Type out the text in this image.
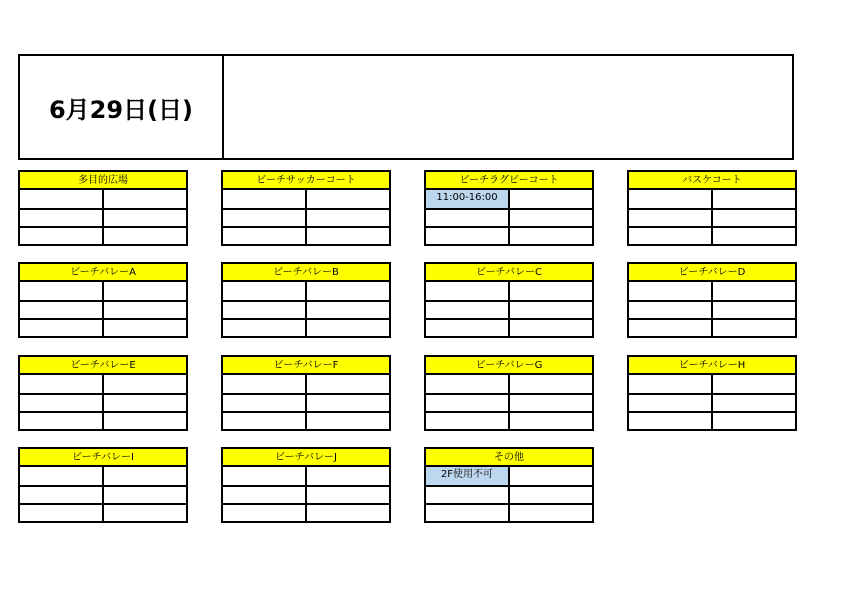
6月29日(日)
多目的広場	ビーチサッカーコート	ビーチラグビーコート
11:00-16:00
バスケコート
ビーチバレーA	ビーチバレーB	ビーチバレーC	ビーチバレーD
ビーチバレーE	ビーチバレーF	ビーチバレーG	ビーチバレーH
ビーチバレーI	ビーチバレーJ	その他
2F使用不可
